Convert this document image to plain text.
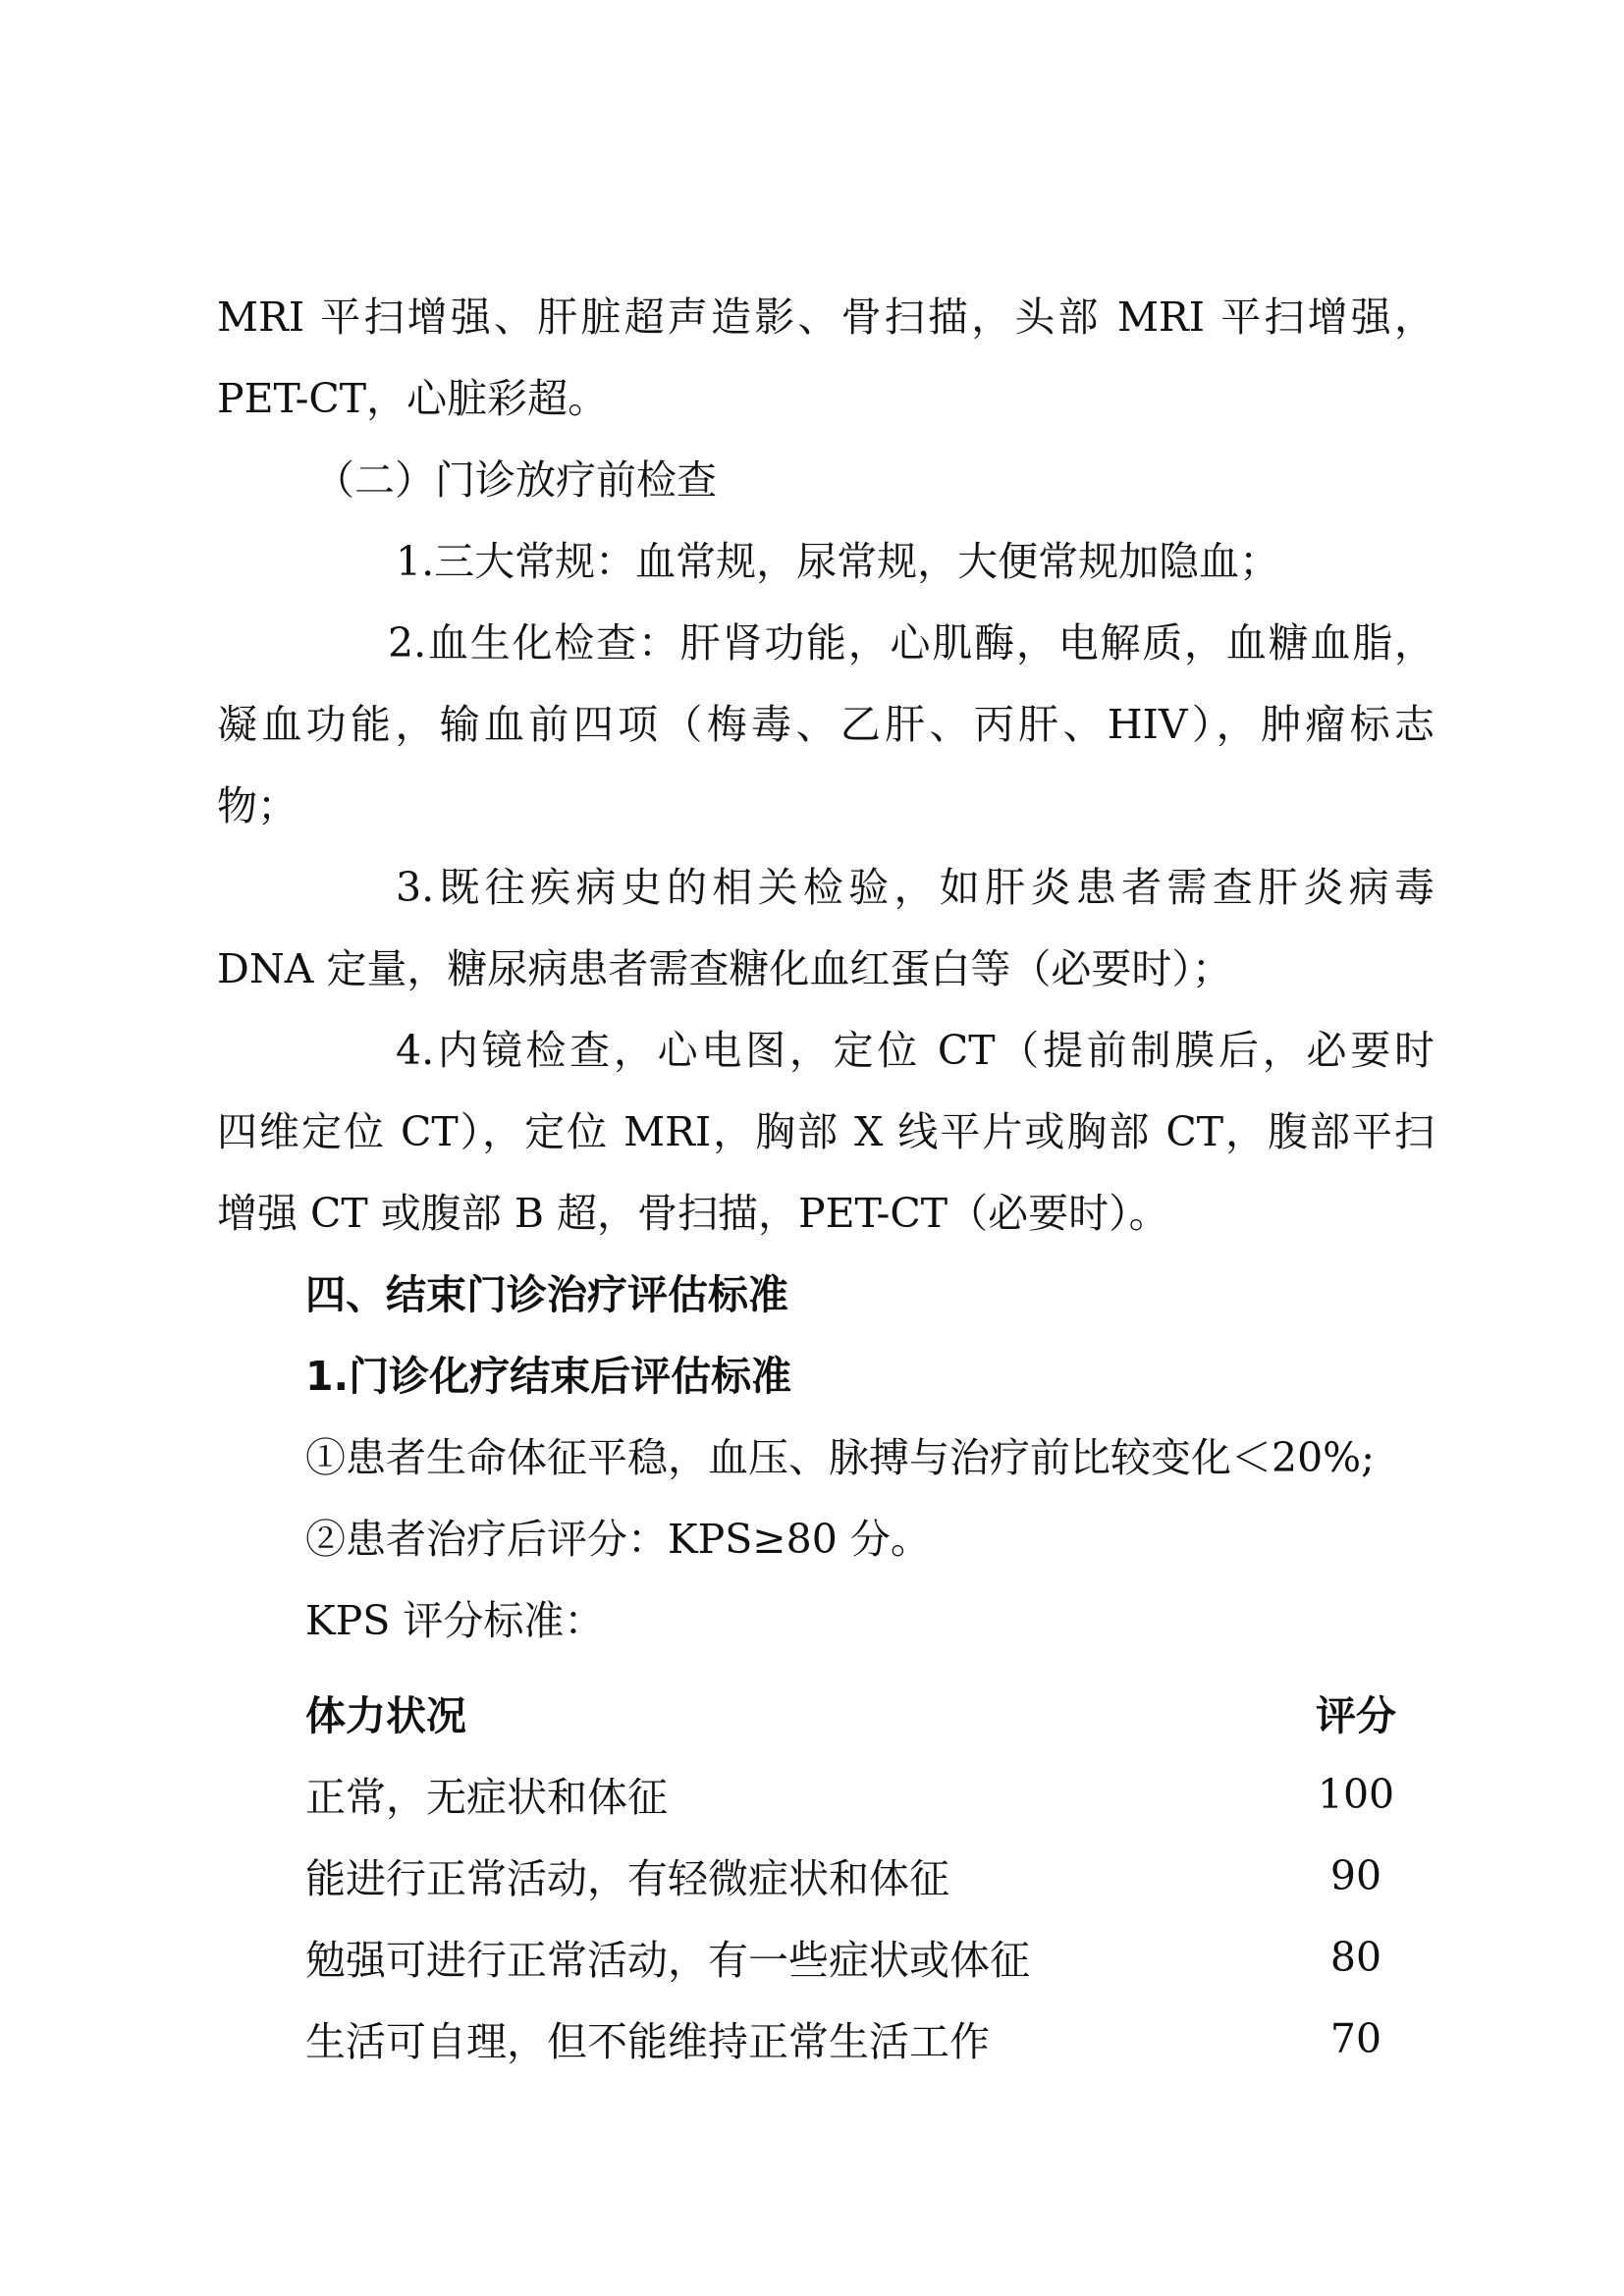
MRI 平扫增强、肝脏超声造影、骨扫描，头部 MRI 平扫增强，
PET-CT，心脏彩超。
（二）门诊放疗前检查
1.三大常规：血常规，尿常规，大便常规加隐血；
2.血生化检查：肝肾功能，心肌酶，电解质，血糖血脂，
凝血功能，输血前四项（梅毒、乙肝、丙肝、HIV），肿瘤标志
物；
3.既往疾病史的相关检验，如肝炎患者需查肝炎病毒
DNA 定量，糖尿病患者需查糖化血红蛋白等（必要时）；
4.内镜检查，心电图，定位 CT（提前制膜后，必要时
四维定位 CT），定位 MRI，胸部 X 线平片或胸部 CT，腹部平扫
增强 CT 或腹部 B 超，骨扫描，PET-CT（必要时）。
四、结束门诊治疗评估标准
1.门诊化疗结束后评估标准
①患者生命体征平稳，血压、脉搏与治疗前比较变化＜20%;
②患者治疗后评分：KPS≥80 分。
KPS 评分标准：
体力状况	评分
正常，无症状和体征	100
能进行正常活动，有轻微症状和体征	90
勉强可进行正常活动，有一些症状或体征	80
生活可自理，但不能维持正常生活工作	70
